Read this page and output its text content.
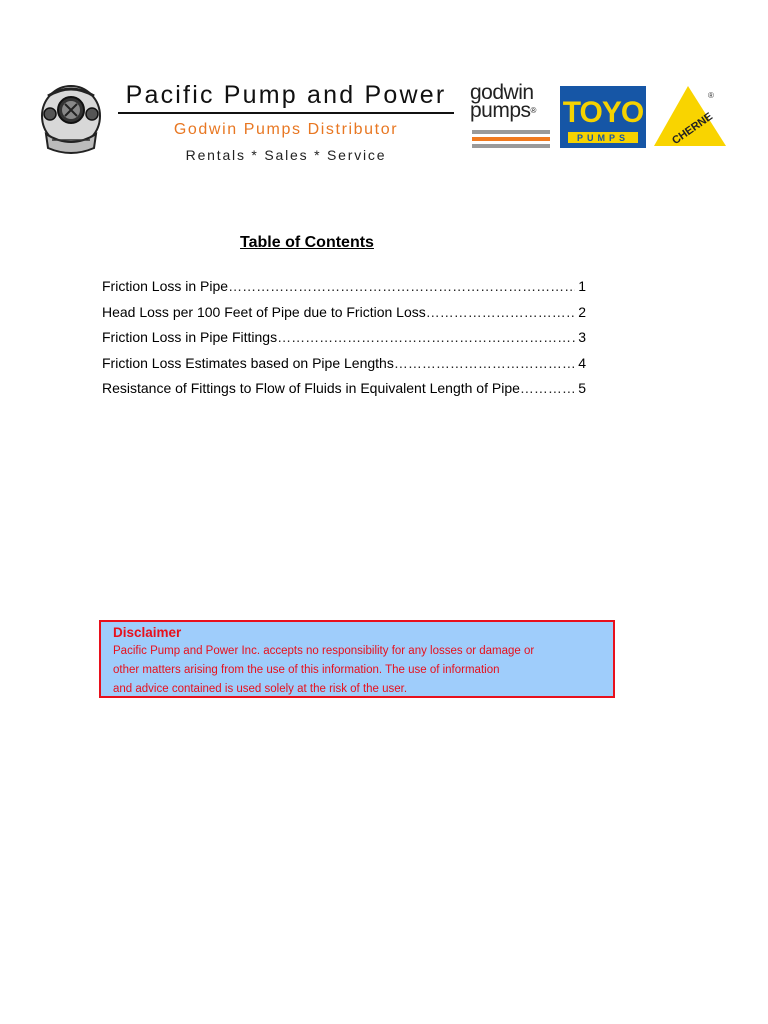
Pacific Pump and Power
Godwin Pumps Distributor
Rentals * Sales * Service
godwin
pumps® TOYO
PUMPS	CHERNE
®
Table of Contents
Friction Loss in Pipe …………………………………………………………………………………………………………………………………………	1
Head Loss per 100 Feet of Pipe due to Friction Loss …………………………………………………………………………………………………………………………………………	2
Friction Loss in Pipe Fittings …………………………………………………………………………………………………………………………………………	3
Friction Loss Estimates based on Pipe Lengths …………………………………………………………………………………………………………………………………………	4
Resistance of Fittings to Flow of Fluids in Equivalent Length of Pipe …………………………………………………………………………………………………………………………………………	5
Disclaimer
Pacific Pump and Power Inc. accepts no responsibility for any losses or damage or
other matters arising from the use of this information. The use of information
and advice contained is used solely at the risk of the user.
